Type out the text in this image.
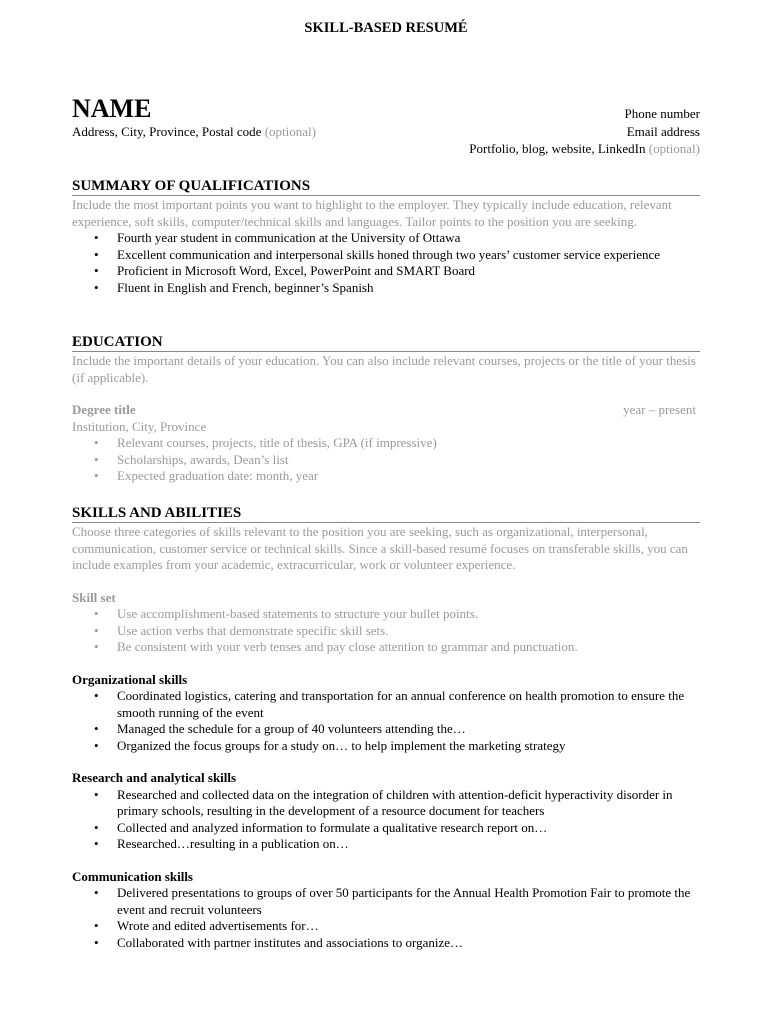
SKILL-BASED RESUMÉ
NAME
Address, City, Province, Postal code (optional)
Phone number
Email address
Portfolio, blog, website, LinkedIn (optional)
SUMMARY OF QUALIFICATIONS
Include the most important points you want to highlight to the employer. They typically include education, relevant experience, soft skills, computer/technical skills and languages. Tailor points to the position you are seeking.
• Fourth year student in communication at the University of Ottawa
• Excellent communication and interpersonal skills honed through two years’ customer service experience
• Proficient in Microsoft Word, Excel, PowerPoint and SMART Board
• Fluent in English and French, beginner’s Spanish
EDUCATION
Include the important details of your education. You can also include relevant courses, projects or the title of your thesis (if applicable).
Degree title	year – present
Institution, City, Province
• Relevant courses, projects, title of thesis, GPA (if impressive)
• Scholarships, awards, Dean’s list
• Expected graduation date: month, year
SKILLS AND ABILITIES
Choose three categories of skills relevant to the position you are seeking, such as organizational, interpersonal, communication, customer service or technical skills. Since a skill-based resumé focuses on transferable skills, you can include examples from your academic, extracurricular, work or volunteer experience.
Skill set
• Use accomplishment-based statements to structure your bullet points.
• Use action verbs that demonstrate specific skill sets.
• Be consistent with your verb tenses and pay close attention to grammar and punctuation.
Organizational skills
• Coordinated logistics, catering and transportation for an annual conference on health promotion to ensure the smooth running of the event
• Managed the schedule for a group of 40 volunteers attending the…
• Organized the focus groups for a study on… to help implement the marketing strategy
Research and analytical skills
• Researched and collected data on the integration of children with attention-deficit hyperactivity disorder in primary schools, resulting in the development of a resource document for teachers
• Collected and analyzed information to formulate a qualitative research report on…
• Researched…resulting in a publication on…
Communication skills
• Delivered presentations to groups of over 50 participants for the Annual Health Promotion Fair to promote the event and recruit volunteers
• Wrote and edited advertisements for…
• Collaborated with partner institutes and associations to organize…
